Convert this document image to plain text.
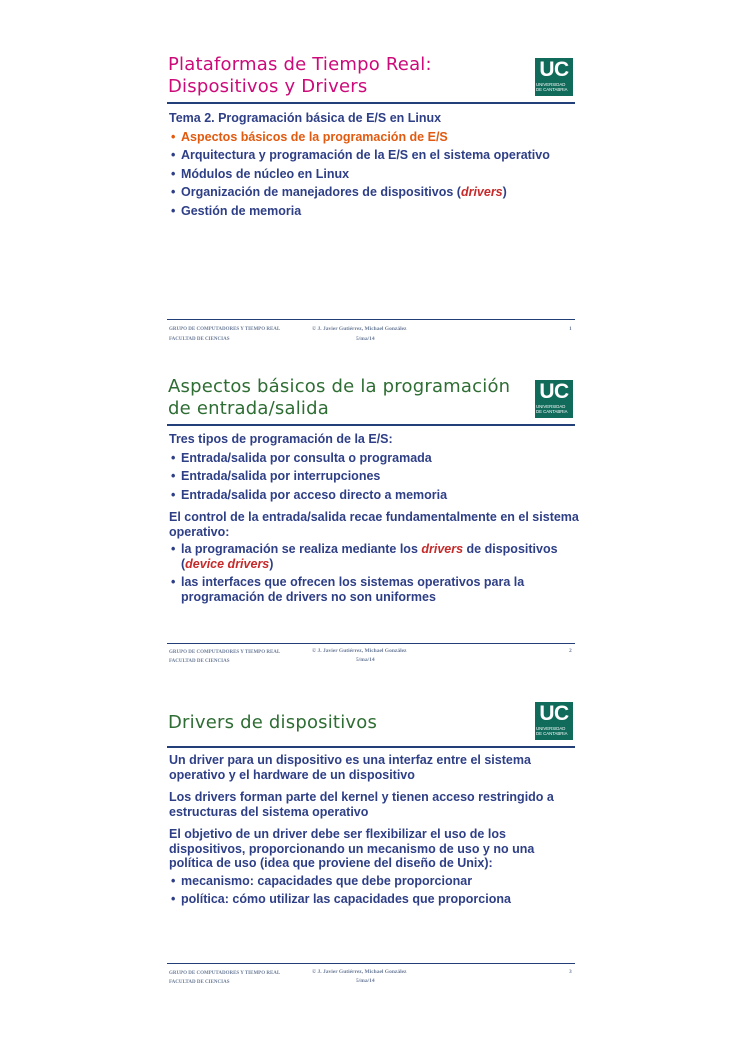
Plataformas de Tiempo Real:
Dispositivos y Drivers
UC
UNIVERSIDAD
DE CANTABRIA
Tema 2. Programación básica de E/S en Linux
• Aspectos básicos de la programación de E/S
• Arquitectura y programación de la E/S en el sistema operativo
• Módulos de núcleo en Linux
• Organización de manejadores de dispositivos (drivers)
• Gestión de memoria
GRUPO DE COMPUTADORES Y TIEMPO REAL
FACULTAD DE CIENCIAS
© J. Javier Gutiérrez, Michael González
5/ma/14
1
Aspectos básicos de la programación
de entrada/salida
UC
UNIVERSIDAD
DE CANTABRIA
Tres tipos de programación de la E/S:
• Entrada/salida por consulta o programada
• Entrada/salida por interrupciones
• Entrada/salida por acceso directo a memoria
El control de la entrada/salida recae fundamentalmente en el sistema operativo:
• la programación se realiza mediante los drivers de dispositivos (device drivers)
• las interfaces que ofrecen los sistemas operativos para la programación de drivers no son uniformes
GRUPO DE COMPUTADORES Y TIEMPO REAL
FACULTAD DE CIENCIAS
© J. Javier Gutiérrez, Michael González
5/ma/14
2
Drivers de dispositivos	UC
UNIVERSIDAD
DE CANTABRIA
Un driver para un dispositivo es una interfaz entre el sistema operativo y el hardware de un dispositivo
Los drivers forman parte del kernel y tienen acceso restringido a estructuras del sistema operativo
El objetivo de un driver debe ser flexibilizar el uso de los dispositivos, proporcionando un mecanismo de uso y no una política de uso (idea que proviene del diseño de Unix):
• mecanismo: capacidades que debe proporcionar
• política: cómo utilizar las capacidades que proporciona
GRUPO DE COMPUTADORES Y TIEMPO REAL
FACULTAD DE CIENCIAS
© J. Javier Gutiérrez, Michael González
5/ma/14
3
